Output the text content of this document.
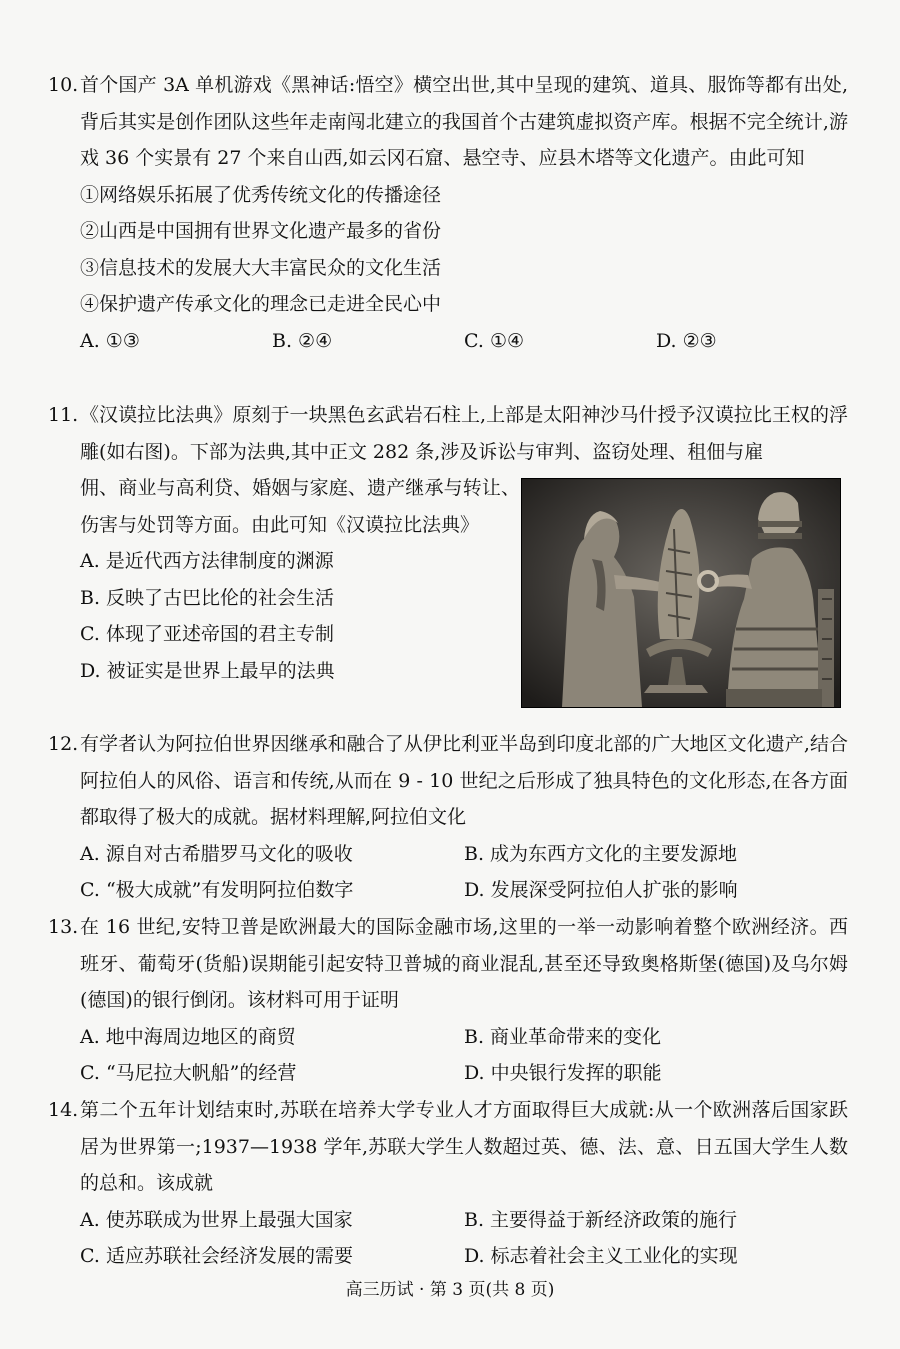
10. 首个国产 3A 单机游戏《黑神话:悟空》横空出世,其中呈现的建筑、道具、服饰等都有出处,背后其实是创作团队这些年走南闯北建立的我国首个古建筑虚拟资产库。根据不完全统计,游戏 36 个实景有 27 个来自山西,如云冈石窟、悬空寺、应县木塔等文化遗产。由此可知
①网络娱乐拓展了优秀传统文化的传播途径
②山西是中国拥有世界文化遗产最多的省份
③信息技术的发展大大丰富民众的文化生活
④保护遗产传承文化的理念已走进全民心中
A. ①③	B. ②④	C. ①④	D. ②③
11. 《汉谟拉比法典》原刻于一块黑色玄武岩石柱上,上部是太阳神沙马什授予汉谟拉比王权的浮雕(如右图)。下部为法典,其中正文 282 条,涉及诉讼与审判、盗窃处理、租佃与雇
佣、商业与高利贷、婚姻与家庭、遗产继承与转让、伤害与处罚等方面。由此可知《汉谟拉比法典》
A. 是近代西方法律制度的渊源
B. 反映了古巴比伦的社会生活
C. 体现了亚述帝国的君主专制
D. 被证实是世界上最早的法典
12. 有学者认为阿拉伯世界因继承和融合了从伊比利亚半岛到印度北部的广大地区文化遗产,结合阿拉伯人的风俗、语言和传统,从而在 9 - 10 世纪之后形成了独具特色的文化形态,在各方面都取得了极大的成就。据材料理解,阿拉伯文化
A. 源自对古希腊罗马文化的吸收	B. 成为东西方文化的主要发源地
C. “极大成就”有发明阿拉伯数字	D. 发展深受阿拉伯人扩张的影响
13. 在 16 世纪,安特卫普是欧洲最大的国际金融市场,这里的一举一动影响着整个欧洲经济。西班牙、葡萄牙(货船)误期能引起安特卫普城的商业混乱,甚至还导致奥格斯堡(德国)及乌尔姆(德国)的银行倒闭。该材料可用于证明
A. 地中海周边地区的商贸	B. 商业革命带来的变化
C. “马尼拉大帆船”的经营	D. 中央银行发挥的职能
14. 第二个五年计划结束时,苏联在培养大学专业人才方面取得巨大成就:从一个欧洲落后国家跃居为世界第一;1937—1938 学年,苏联大学生人数超过英、德、法、意、日五国大学生人数的总和。该成就
A. 使苏联成为世界上最强大国家	B. 主要得益于新经济政策的施行
C. 适应苏联社会经济发展的需要	D. 标志着社会主义工业化的实现
高三历试 · 第 3 页(共 8 页)
